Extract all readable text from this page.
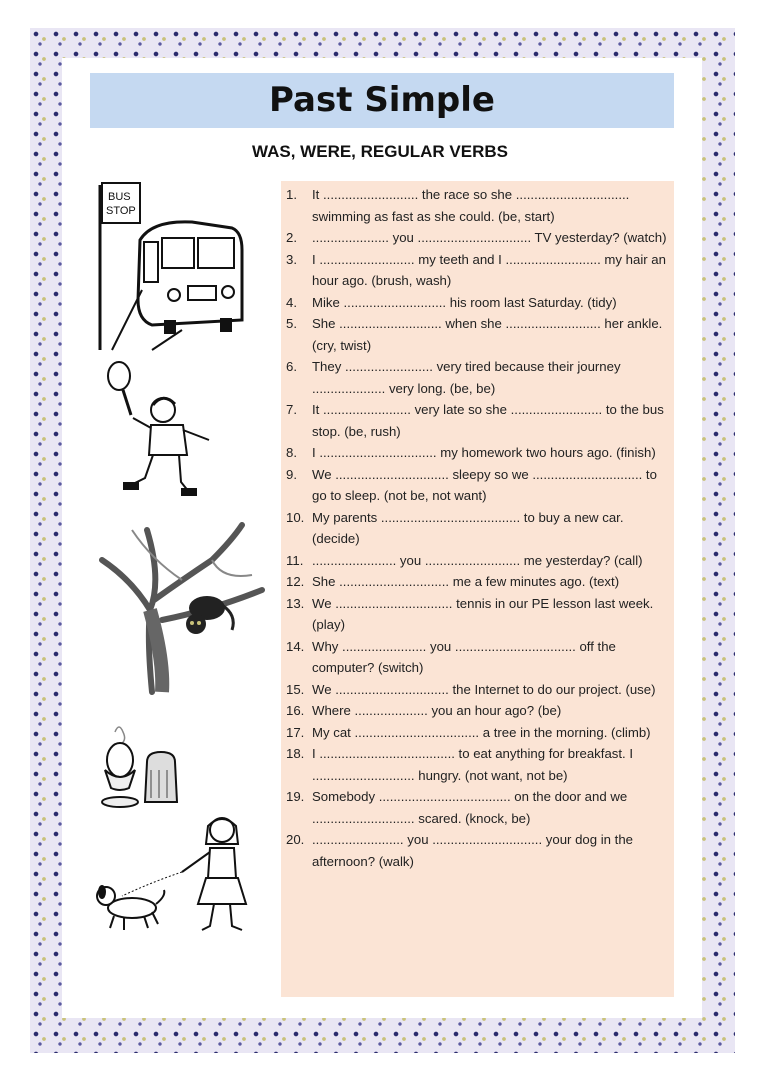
Past Simple
WAS, WERE, REGULAR VERBS
BUS
STOP
1.	It .......................... the race so she ............................... swimming as fast as she could. (be, start)
2.	..................... you ............................... TV yesterday? (watch)
3.	I .......................... my teeth and I .......................... my hair an hour ago. (brush, wash)
4.	Mike ............................ his room last Saturday. (tidy)
5.	She ............................ when she .......................... her ankle. (cry, twist)
6.	They ........................ very tired because their journey .................... very long. (be, be)
7.	It ........................ very late so she ......................... to the bus stop. (be, rush)
8.	I ................................ my homework two hours ago. (finish)
9.	We ............................... sleepy so we .............................. to go to sleep. (not be, not want)
10. My parents ...................................... to buy a new car. (decide)
11. ....................... you .......................... me yesterday? (call)
12. She .............................. me a few minutes ago. (text)
13. We ................................ tennis in our PE lesson last week. (play)
14. Why ....................... you ................................. off the computer? (switch)
15. We ............................... the Internet to do our project. (use)
16. Where .................... you an hour ago? (be)
17. My cat .................................. a tree in the morning. (climb)
18. I ..................................... to eat anything for breakfast. I ............................ hungry. (not want, not be)
19. Somebody .................................... on the door and we ............................ scared. (knock, be)
20. ......................... you .............................. your dog in the afternoon? (walk)
